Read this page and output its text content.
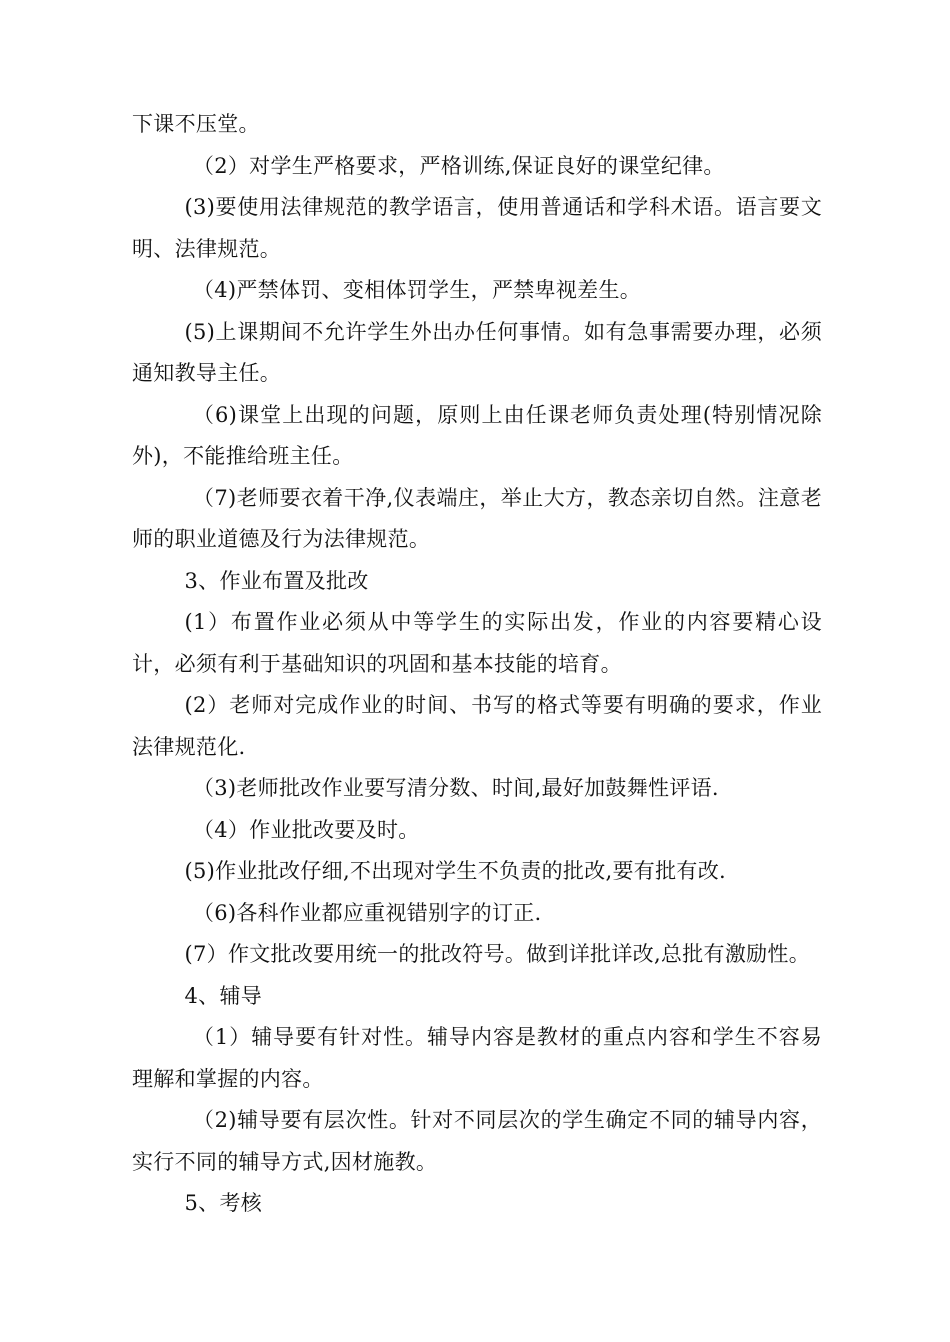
下课不压堂。

（2）对学生严格要求，严格训练,保证良好的课堂纪律。

(3)要使用法律规范的教学语言，使用普通话和学科术语。语言要文明、法律规范。

（4)严禁体罚、变相体罚学生，严禁卑视差生。

(5)上课期间不允许学生外出办任何事情。如有急事需要办理，必须通知教导主任。

（6)课堂上出现的问题，原则上由任课老师负责处理(特别情况除外)，不能推给班主任。

（7)老师要衣着干净,仪表端庄，举止大方，教态亲切自然。注意老师的职业道德及行为法律规范。

3、作业布置及批改

(1）布置作业必须从中等学生的实际出发，作业的内容要精心设计，必须有利于基础知识的巩固和基本技能的培育。

(2）老师对完成作业的时间、书写的格式等要有明确的要求，作业法律规范化.

（3)老师批改作业要写清分数、时间,最好加鼓舞性评语.

（4）作业批改要及时。

(5)作业批改仔细,不出现对学生不负责的批改,要有批有改.

（6)各科作业都应重视错别字的订正.

(7）作文批改要用统一的批改符号。做到详批详改,总批有激励性。

4、辅导

（1）辅导要有针对性。辅导内容是教材的重点内容和学生不容易理解和掌握的内容。

（2)辅导要有层次性。针对不同层次的学生确定不同的辅导内容，实行不同的辅导方式,因材施教。

5、考核
